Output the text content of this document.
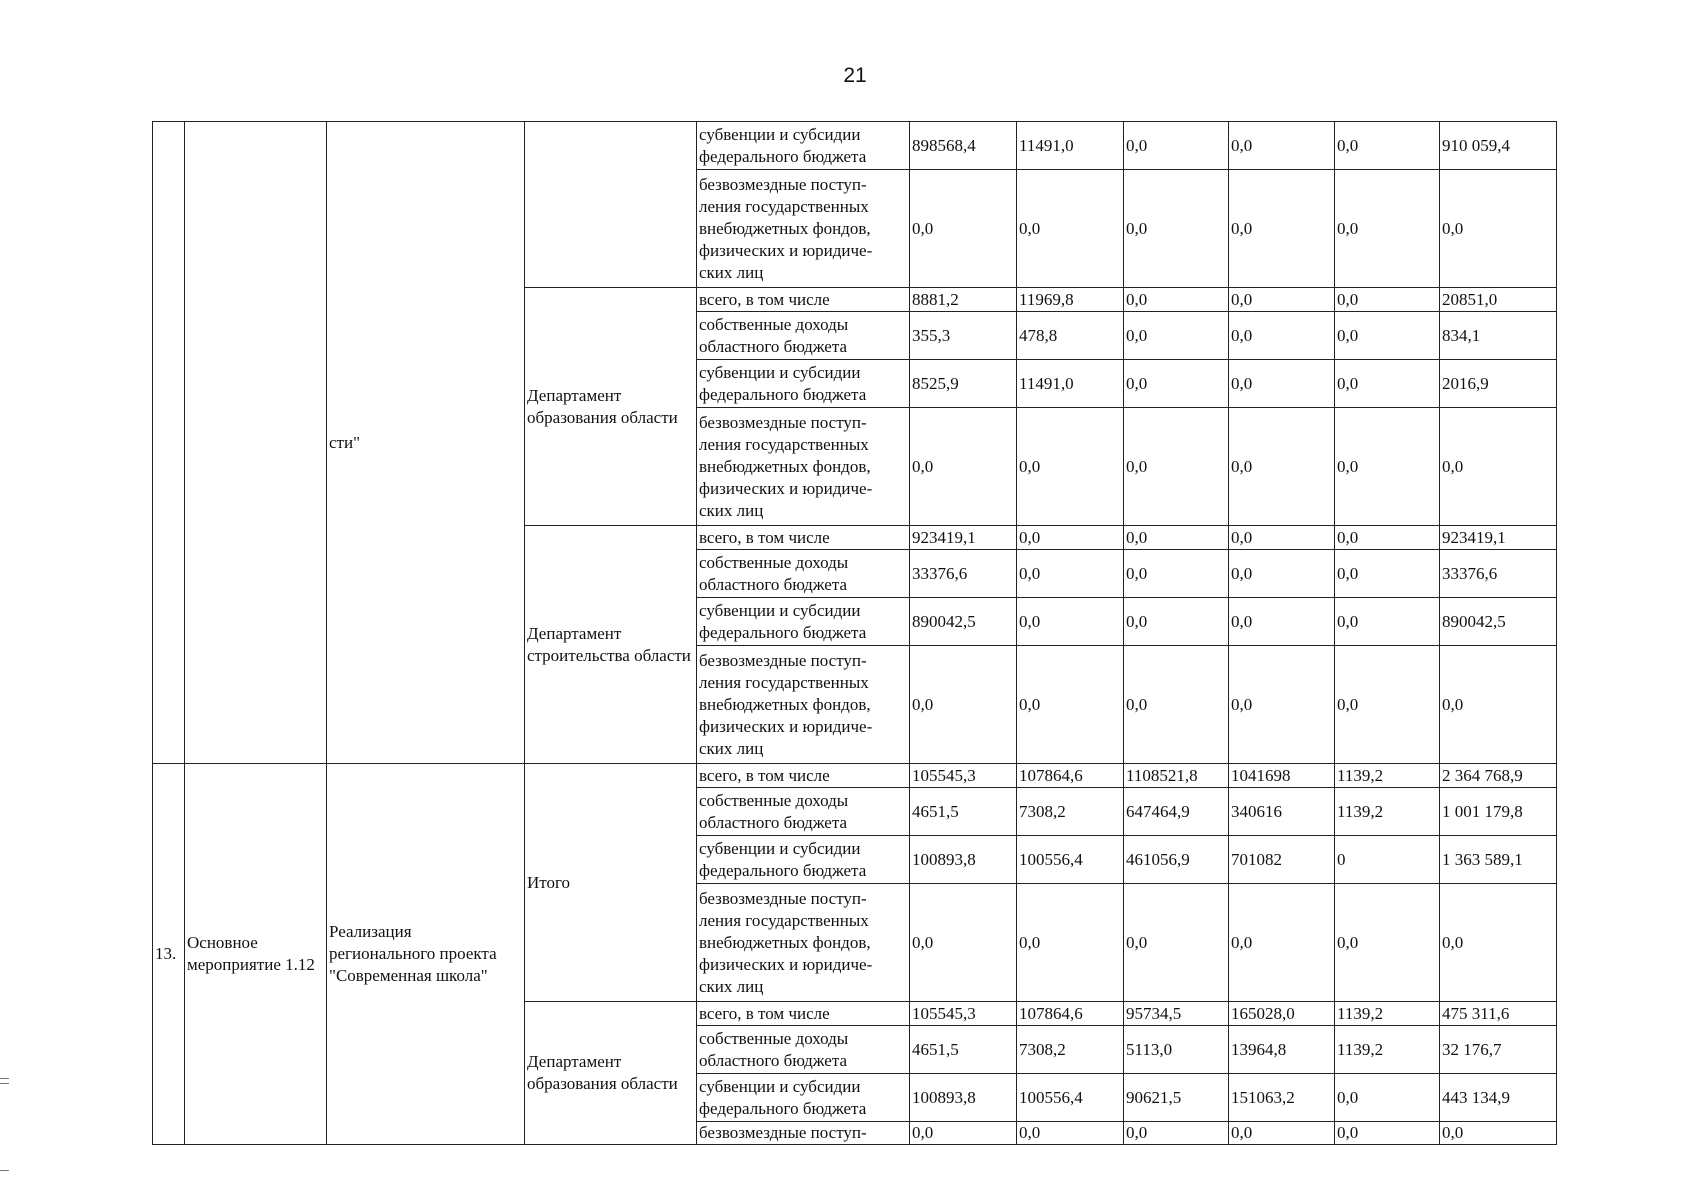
21
		сти"		субвенции и субсидии
федерального бюджета	898568,4	11491,0	0,0	0,0	0,0	910 059,4
				безвозмездные поступ-
ления государственных
внебюджетных фондов,
физических и юридиче-
ских лиц	0,0	0,0	0,0	0,0	0,0	0,0
			Департамент образования области	всего, в том числе	8881,2	11969,8	0,0	0,0	0,0	20851,0
				собственные доходы
областного бюджета	355,3	478,8	0,0	0,0	0,0	834,1
				субвенции и субсидии
федерального бюджета	8525,9	11491,0	0,0	0,0	0,0	2016,9
				безвозмездные поступ-
ления государственных
внебюджетных фондов,
физических и юридиче-
ских лиц	0,0	0,0	0,0	0,0	0,0	0,0
			Департамент строительства области	всего, в том числе	923419,1	0,0	0,0	0,0	0,0	923419,1
				собственные доходы
областного бюджета	33376,6	0,0	0,0	0,0	0,0	33376,6
				субвенции и субсидии
федерального бюджета	890042,5	0,0	0,0	0,0	0,0	890042,5
				безвозмездные поступ-
ления государственных
внебюджетных фондов,
физических и юридиче-
ских лиц	0,0	0,0	0,0	0,0	0,0	0,0
13.	Основное мероприятие 1.12	Реализация регионального проекта "Современная школа"	Итого	всего, в том числе	105545,3	107864,6	1108521,8	1041698	1139,2	2 364 768,9
				собственные доходы
областного бюджета	4651,5	7308,2	647464,9	340616	1139,2	1 001 179,8
				субвенции и субсидии
федерального бюджета	100893,8	100556,4	461056,9	701082	0	1 363 589,1
				безвозмездные поступ-
ления государственных
внебюджетных фондов,
физических и юридиче-
ских лиц	0,0	0,0	0,0	0,0	0,0	0,0
			Департамент образования области	всего, в том числе	105545,3	107864,6	95734,5	165028,0	1139,2	475 311,6
				собственные доходы
областного бюджета	4651,5	7308,2	5113,0	13964,8	1139,2	32 176,7
				субвенции и субсидии
федерального бюджета	100893,8	100556,4	90621,5	151063,2	0,0	443 134,9
				безвозмездные поступ-	0,0	0,0	0,0	0,0	0,0	0,0
